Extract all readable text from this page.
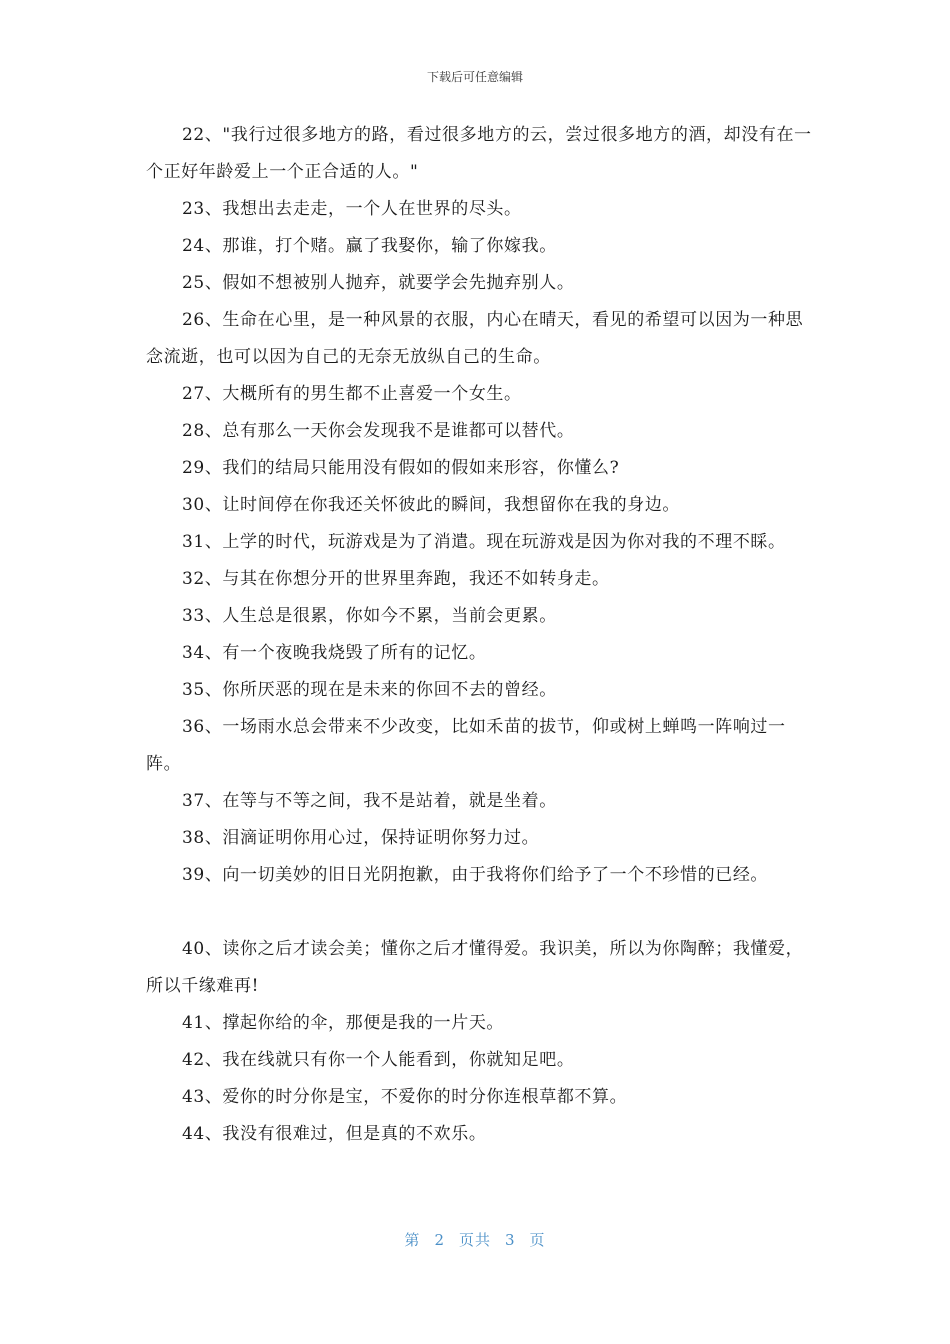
下载后可任意编辑

22、"我行过很多地方的路，看过很多地方的云，尝过很多地方的酒，却没有在一个正好年龄爱上一个正合适的人。"

23、我想出去走走，一个人在世界的尽头。

24、那谁，打个赌。赢了我娶你，输了你嫁我。

25、假如不想被别人抛弃，就要学会先抛弃别人。

26、生命在心里，是一种风景的衣服，内心在晴天，看见的希望可以因为一种思念流逝，也可以因为自己的无奈无放纵自己的生命。

27、大概所有的男生都不止喜爱一个女生。

28、总有那么一天你会发现我不是谁都可以替代。

29、我们的结局只能用没有假如的假如来形容，你懂么?

30、让时间停在你我还关怀彼此的瞬间，我想留你在我的身边。

31、上学的时代，玩游戏是为了消遣。现在玩游戏是因为你对我的不理不睬。

32、与其在你想分开的世界里奔跑，我还不如转身走。

33、人生总是很累，你如今不累，当前会更累。

34、有一个夜晚我烧毁了所有的记忆。

35、你所厌恶的现在是未来的你回不去的曾经。

36、一场雨水总会带来不少改变，比如禾苗的拔节，仰或树上蝉鸣一阵响过一阵。

37、在等与不等之间，我不是站着，就是坐着。

38、泪滴证明你用心过，保持证明你努力过。

39、向一切美妙的旧日光阴抱歉，由于我将你们给予了一个不珍惜的已经。

40、读你之后才读会美；懂你之后才懂得爱。我识美，所以为你陶醉；我懂爱，所以千缘难再!

41、撑起你给的伞，那便是我的一片天。

42、我在线就只有你一个人能看到，你就知足吧。

43、爱你的时分你是宝，不爱你的时分你连根草都不算。

44、我没有很难过，但是真的不欢乐。

第 2 页共 3 页
